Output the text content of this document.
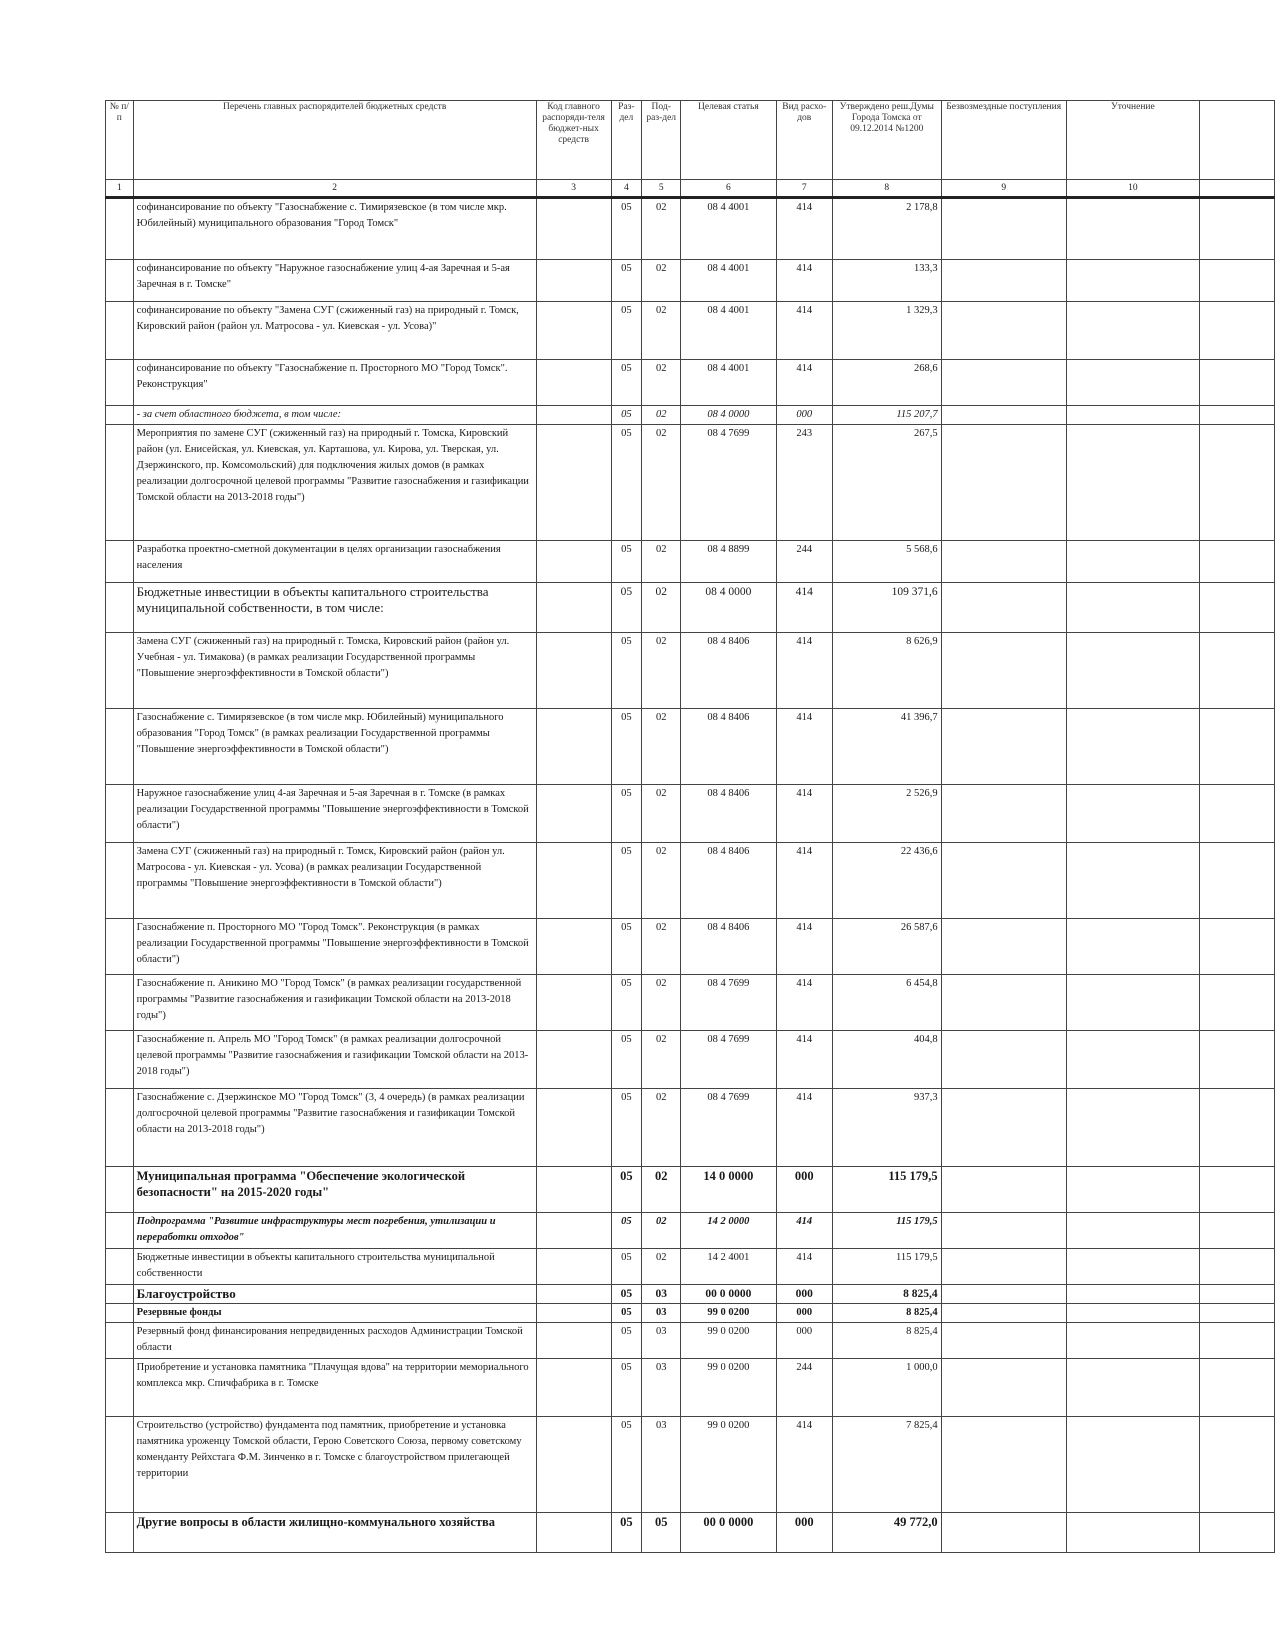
№ п/п	Перечень главных распорядителей бюджетных средств	Код главного распоряди-теля бюджет-ных средств	Раз-дел	Под-раз-дел	Целевая статья	Вид расхо-дов	Утверждено реш.Думы Города Томска от 09.12.2014 №1200	Безвозмездные поступления	Уточнение	
1	2	3	4	5	6	7	8	9	10	
	софинансирование по объекту "Газоснабжение с. Тимирязевское (в том числе мкр. Юбилейный) муниципального образования "Город Томск"		05	02	08 4 4001	414	2 178,8			
	софинансирование по объекту "Наружное газоснабжение улиц 4-ая Заречная и 5-ая Заречная в г. Томске"		05	02	08 4 4001	414	133,3			
	софинансирование по объекту "Замена СУГ (сжиженный газ) на природный г. Томск, Кировский район (район ул. Матросова - ул. Киевская - ул. Усова)"		05	02	08 4 4001	414	1 329,3			
	софинансирование по объекту "Газоснабжение п. Просторного МО "Город Томск". Реконструкция"		05	02	08 4 4001	414	268,6			
	- за счет областного бюджета, в том числе:		05	02	08 4 0000	000	115 207,7			
	Мероприятия по замене СУГ (сжиженный газ) на природный г. Томска, Кировский район (ул. Енисейская, ул. Киевская, ул. Карташова, ул. Кирова, ул. Тверская, ул. Дзержинского, пр. Комсомольский) для подключения жилых домов (в рамках реализации долгосрочной целевой программы "Развитие газоснабжения и газификации Томской области на 2013-2018 годы")		05	02	08 4 7699	243	267,5			
	Разработка проектно-сметной документации в целях организации газоснабжения населения		05	02	08 4 8899	244	5 568,6			
	Бюджетные инвестиции в объекты капитального строительства муниципальной собственности, в том числе:		05	02	08 4 0000	414	109 371,6			
	Замена СУГ (сжиженный газ) на природный г. Томска, Кировский район (район ул. Учебная - ул. Тимакова) (в рамках реализации Государственной программы "Повышение энергоэффективности в Томской области")		05	02	08 4 8406	414	8 626,9			
	Газоснабжение с. Тимирязевское (в том числе мкр. Юбилейный) муниципального образования "Город Томск" (в рамках реализации Государственной программы "Повышение энергоэффективности в Томской области")		05	02	08 4 8406	414	41 396,7			
	Наружное газоснабжение улиц 4-ая Заречная и 5-ая Заречная в г. Томске (в рамках реализации Государственной программы "Повышение энергоэффективности в Томской области")		05	02	08 4 8406	414	2 526,9			
	Замена СУГ (сжиженный газ) на природный г. Томск, Кировский район (район ул. Матросова - ул. Киевская - ул. Усова) (в рамках реализации Государственной программы "Повышение энергоэффективности в Томской области")		05	02	08 4 8406	414	22 436,6			
	Газоснабжение п. Просторного МО "Город Томск". Реконструкция (в рамках реализации Государственной программы "Повышение энергоэффективности в Томской области")		05	02	08 4 8406	414	26 587,6			
	Газоснабжение п. Аникино МО "Город Томск" (в рамках реализации государственной программы "Развитие газоснабжения и газификации Томской области на 2013-2018 годы")		05	02	08 4 7699	414	6 454,8			
	Газоснабжение п. Апрель МО "Город Томск" (в рамках реализации долгосрочной целевой программы "Развитие газоснабжения и газификации Томской области на 2013-2018 годы")		05	02	08 4 7699	414	404,8			
	Газоснабжение с. Дзержинское МО "Город Томск" (3, 4 очередь) (в рамках реализации долгосрочной целевой программы "Развитие газоснабжения и газификации Томской области на 2013-2018 годы")		05	02	08 4 7699	414	937,3			
	Муниципальная программа "Обеспечение экологической безопасности" на 2015-2020 годы"		05	02	14 0 0000	000	115 179,5			
	Подпрограмма "Развитие инфраструктуры мест погребения, утилизации и переработки отходов"		05	02	14 2 0000	414	115 179,5			
	Бюджетные инвестиции в объекты капитального строительства муниципальной собственности		05	02	14 2 4001	414	115 179,5			
	Благоустройство		05	03	00 0 0000	000	8 825,4			
	Резервные фонды		05	03	99 0 0200	000	8 825,4			
	Резервный фонд финансирования непредвиденных расходов Администрации Томской области		05	03	99 0 0200	000	8 825,4			
	Приобретение и установка памятника "Плачущая вдова" на территории мемориального комплекса мкр. Спичфабрика в г. Томске		05	03	99 0 0200	244	1 000,0			
	Строительство (устройство) фундамента под памятник, приобретение и установка памятника уроженцу Томской области, Герою Советского Союза, первому советскому коменданту Рейхстага Ф.М. Зинченко в г. Томске с благоустройством прилегающей территории		05	03	99 0 0200	414	7 825,4			
	Другие вопросы в области жилищно-коммунального хозяйства		05	05	00 0 0000	000	49 772,0			
